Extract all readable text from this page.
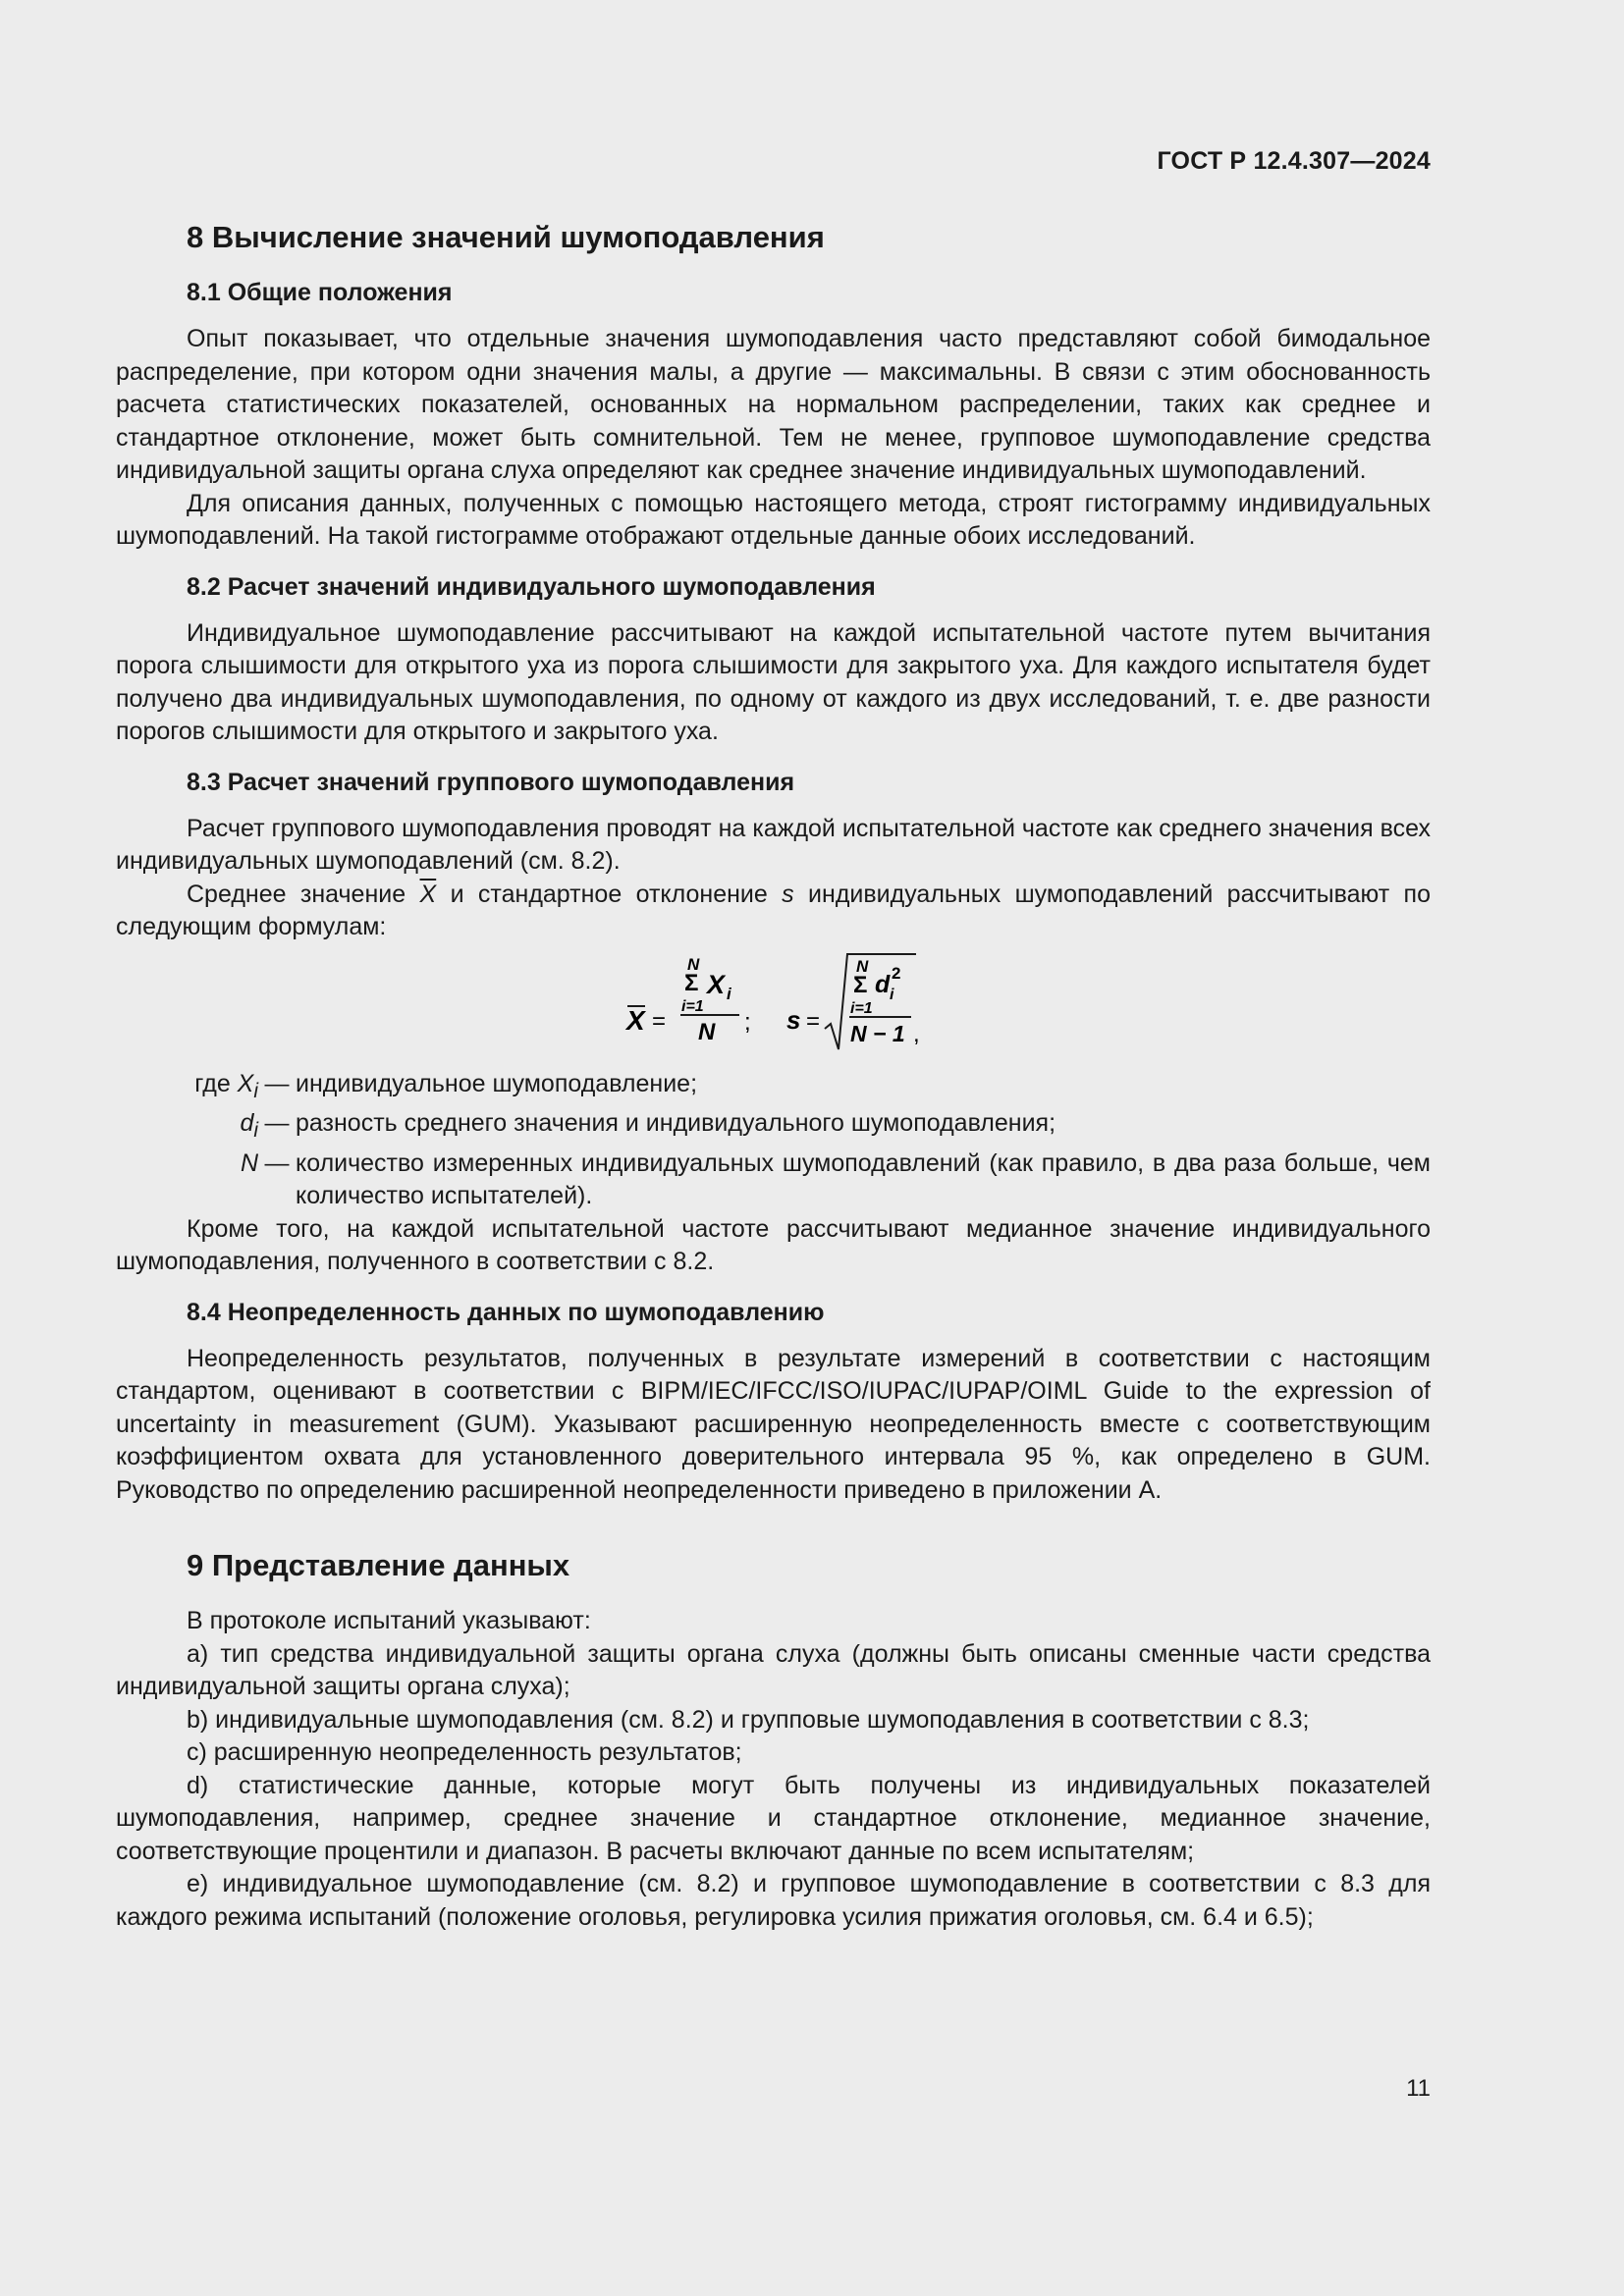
ГОСТ Р 12.4.307—2024
8 Вычисление значений шумоподавления
8.1 Общие положения

Опыт показывает, что отдельные значения шумоподавления часто представляют собой бимодальное распределение, при котором одни значения малы, а другие — максимальны. В связи с этим обоснованность расчета статистических показателей, основанных на нормальном распределении, таких как среднее и стандартное отклонение, может быть сомнительной. Тем не менее, групповое шумоподавление средства индивидуальной защиты органа слуха определяют как среднее значение индивидуальных шумоподавлений.

Для описания данных, полученных с помощью настоящего метода, строят гистограмму индивидуальных шумоподавлений. На такой гистограмме отображают отдельные данные обоих исследований.

8.2 Расчет значений индивидуального шумоподавления

Индивидуальное шумоподавление рассчитывают на каждой испытательной частоте путем вычитания порога слышимости для открытого уха из порога слышимости для закрытого уха. Для каждого испытателя будет получено два индивидуальных шумоподавления, по одному от каждого из двух исследований, т. е. две разности порогов слышимости для открытого и закрытого уха.

8.3 Расчет значений группового шумоподавления

Расчет группового шумоподавления проводят на каждой испытательной частоте как среднего значения всех индивидуальных шумоподавлений (см. 8.2).

Среднее значение $\overline{X}$ и стандартное отклонение s индивидуальных шумоподавлений рассчитывают по следующим формулам:

X =
N
Σ
i=1
X i
N ; s =
N
Σ
i=1
d i
2
N − 1 ,
где $X_i$ — индивидуальное шумоподавление;
$d_i$ — разность среднего значения и индивидуального шумоподавления;
N — количество измеренных индивидуальных шумоподавлений (как правило, в два раза больше, чем количество испытателей).

Кроме того, на каждой испытательной частоте рассчитывают медианное значение индивидуального шумоподавления, полученного в соответствии с 8.2.

8.4 Неопределенность данных по шумоподавлению

Неопределенность результатов, полученных в результате измерений в соответствии с настоящим стандартом, оценивают в соответствии с BIPM/IEC/IFCC/ISO/IUPAC/IUPAP/OIML Guide to the expression of uncertainty in measurement (GUM). Указывают расширенную неопределенность вместе с соответствующим коэффициентом охвата для установленного доверительного интервала 95 %, как определено в GUM. Руководство по определению расширенной неопределенности приведено в приложении А.

9 Представление данных

В протоколе испытаний указывают:

a) тип средства индивидуальной защиты органа слуха (должны быть описаны сменные части средства индивидуальной защиты органа слуха);

b) индивидуальные шумоподавления (см. 8.2) и групповые шумоподавления в соответствии с 8.3;

c) расширенную неопределенность результатов;

d) статистические данные, которые могут быть получены из индивидуальных показателей шумоподавления, например, среднее значение и стандартное отклонение, медианное значение, соответствующие процентили и диапазон. В расчеты включают данные по всем испытателям;

e) индивидуальное шумоподавление (см. 8.2) и групповое шумоподавление в соответствии с 8.3 для каждого режима испытаний (положение оголовья, регулировка усилия прижатия оголовья, см. 6.4 и 6.5);

11
